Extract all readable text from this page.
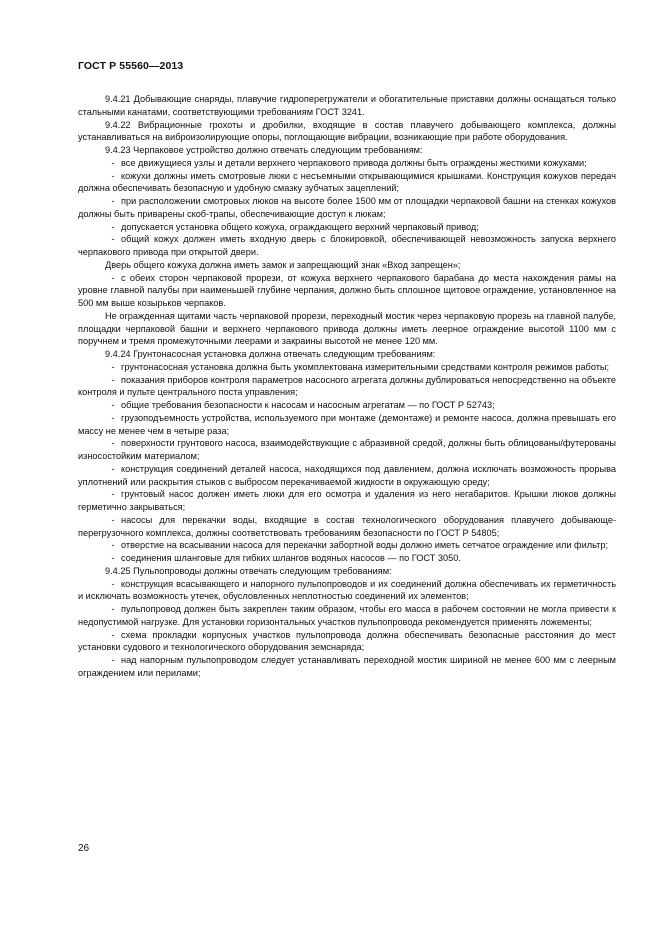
ГОСТ Р 55560—2013

9.4.21 Добывающие снаряды, плавучие гидроперегружатели и обогатительные приставки должны оснащаться только стальными канатами, соответствующими требованиям ГОСТ 3241.

9.4.22 Вибрационные грохоты и дробилки, входящие в состав плавучего добывающего комплекса, должны устанавливаться на виброизолирующие опоры, поглощающие вибрации, возникающие при работе оборудования.

9.4.23 Черпаковое устройство должно отвечать следующим требованиям:

- все движущиеся узлы и детали верхнего черпакового привода должны быть ограждены жесткими кожухами;

- кожухи должны иметь смотровые люки с несъемными открывающимися крышками. Конструкция кожухов передач должна обеспечивать безопасную и удобную смазку зубчатых зацеплений;

- при расположении смотровых люков на высоте более 1500 мм от площадки черпаковой башни на стенках кожухов должны быть приварены скоб-трапы, обеспечивающие доступ к люкам;

- допускается установка общего кожуха, ограждающего верхний черпаковый привод;

- общий кожух должен иметь входную дверь с блокировкой, обеспечивающей невозможность запуска верхнего черпакового привода при открытой двери.

Дверь общего кожуха должна иметь замок и запрещающий знак «Вход запрещен»;

- с обеих сторон черпаковой прорези, от кожуха верхнего черпакового барабана до места нахождения рамы на уровне главной палубы при наименьшей глубине черпания, должно быть сплошное щитовое ограждение, установленное на 500 мм выше козырьков черпаков.

Не огражденная щитами часть черпаковой прорези, переходный мостик через черпаковую прорезь на главной палубе, площадки черпаковой башни и верхнего черпакового привода должны иметь леерное ограждение высотой 1100 мм с поручнем и тремя промежуточными леерами и закраины высотой не менее 120 мм.

9.4.24 Грунтонасосная установка должна отвечать следующим требованиям:

- грунтонасосная установка должна быть укомплектована измерительными средствами контроля режимов работы;

- показания приборов контроля параметров насосного агрегата должны дублироваться непосредственно на объекте контроля и пульте центрального поста управления;

- общие требования безопасности к насосам и насосным агрегатам — по ГОСТ Р 52743;

- грузоподъемность устройства, используемого при монтаже (демонтаже) и ремонте насоса, должна превышать его массу не менее чем в четыре раза;

- поверхности грунтового насоса, взаимодействующие с абразивной средой, должны быть облицованы/футерованы износостойким материалом;

- конструкция соединений деталей насоса, находящихся под давлением, должна исключать возможность прорыва уплотнений или раскрытия стыков с выбросом перекачиваемой жидкости в окружающую среду;

- грунтовый насос должен иметь люки для его осмотра и удаления из него негабаритов. Крышки люков должны герметично закрываться;

- насосы для перекачки воды, входящие в состав технологического оборудования плавучего добывающе-перегрузочного комплекса, должны соответствовать требованиям безопасности по ГОСТ Р 54805;

- отверстие на всасывании насоса для перекачки забортной воды должно иметь сетчатое ограждение или фильтр;

- соединения шланговые для гибких шлангов водяных насосов — по ГОСТ 3050.

9.4.25 Пульпопроводы должны отвечать следующим требованиям:

- конструкция всасывающего и напорного пульпопроводов и их соединений должна обеспечивать их герметичность и исключать возможность утечек, обусловленных неплотностью соединений их элементов;

- пульпопровод должен быть закреплен таким образом, чтобы его масса в рабочем состоянии не могла привести к недопустимой нагрузке. Для установки горизонтальных участков пульпопровода рекомендуется применять ложементы;

- схема прокладки корпусных участков пульпопровода должна обеспечивать безопасные расстояния до мест установки судового и технологического оборудования земснаряда;

- над напорным пульпопроводом следует устанавливать переходной мостик шириной не менее 600 мм с леерным ограждением или перилами;

26
